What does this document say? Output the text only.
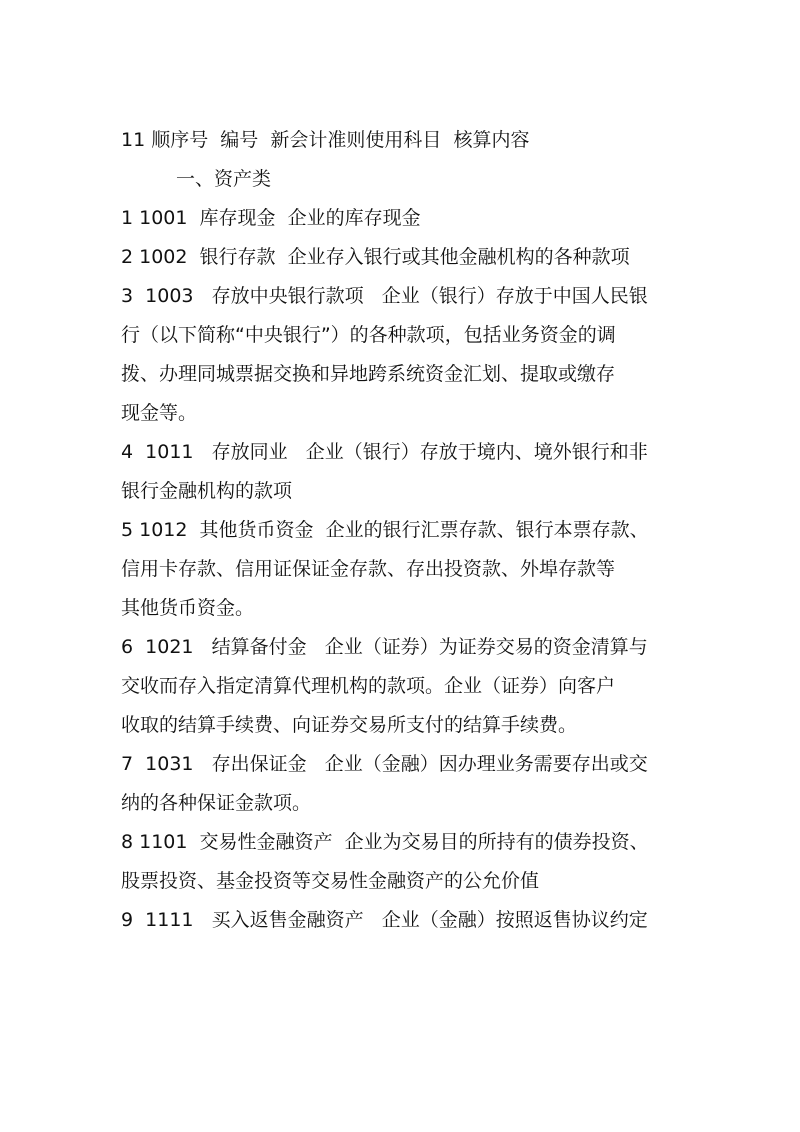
11 顺序号  编号  新会计准则使用科目  核算内容

一、资产类

1 1001  库存现金  企业的库存现金

2 1002  银行存款  企业存入银行或其他金融机构的各种款项

3  1003   存放中央银行款项   企业（银行）存放于中国人民银

行（以下简称“中央银行”）的各种款项，包括业务资金的调

拨、办理同城票据交换和异地跨系统资金汇划、提取或缴存

现金等。

4  1011   存放同业   企业（银行）存放于境内、境外银行和非

银行金融机构的款项

5 1012  其他货币资金  企业的银行汇票存款、银行本票存款、

信用卡存款、信用证保证金存款、存出投资款、外埠存款等

其他货币资金。

6  1021   结算备付金   企业（证券）为证券交易的资金清算与

交收而存入指定清算代理机构的款项。企业（证券）向客户

收取的结算手续费、向证券交易所支付的结算手续费。

7  1031   存出保证金   企业（金融）因办理业务需要存出或交

纳的各种保证金款项。

8 1101  交易性金融资产  企业为交易目的所持有的债券投资、

股票投资、基金投资等交易性金融资产的公允价值

9  1111   买入返售金融资产   企业（金融）按照返售协议约定
